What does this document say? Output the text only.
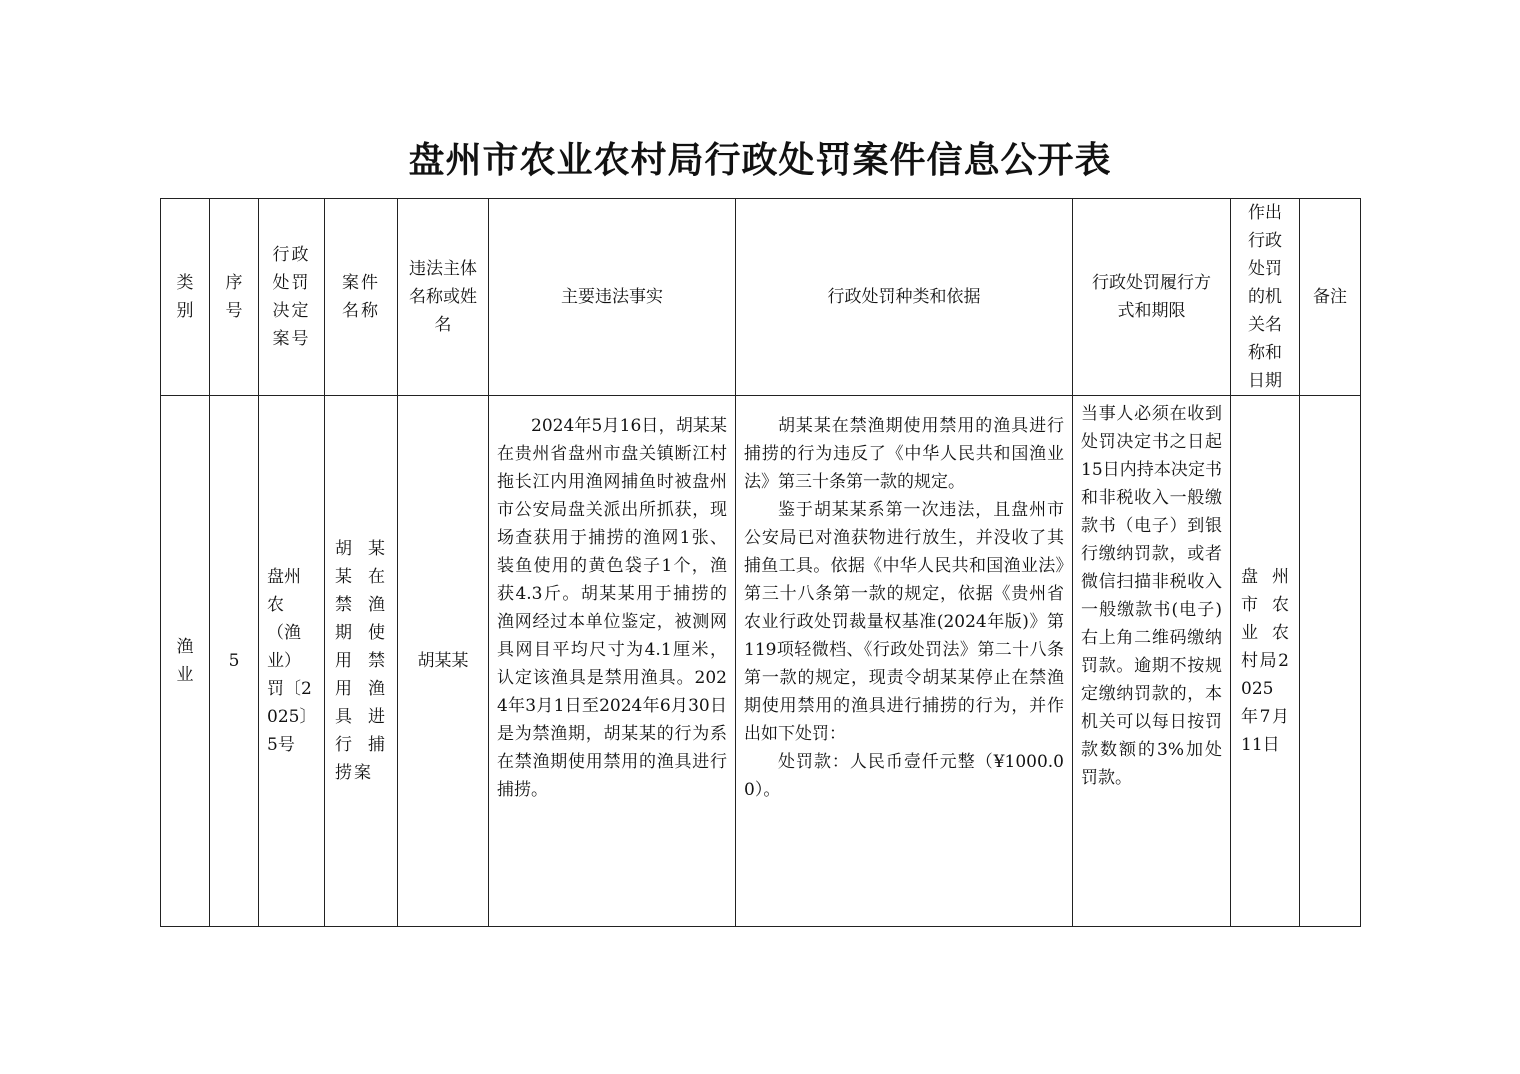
盘州市农业农村局行政处罚案件信息公开表
类别	序号	行政处罚决定案号	案件名称	违法主体名称或姓名	主要违法事实	行政处罚种类和依据	行政处罚履行方式和期限	作出行政处罚的机关名称和日期	备注
渔业	5	盘州农（渔业）罚〔2025〕5号	胡某某在禁渔期使用禁用渔具进行捕捞案	胡某某	2024年5月16日，胡某某在贵州省盘州市盘关镇断江村拖长江内用渔网捕鱼时被盘州市公安局盘关派出所抓获，现场查获用于捕捞的渔网1张、装鱼使用的黄色袋子1个，渔获4.3斤。胡某某用于捕捞的渔网经过本单位鉴定，被测网具网目平均尺寸为4.1厘米，认定该渔具是禁用渔具。2024年3月1日至2024年6月30日是为禁渔期，胡某某的行为系在禁渔期使用禁用的渔具进行捕捞。	胡某某在禁渔期使用禁用的渔具进行捕捞的行为违反了《中华人民共和国渔业法》第三十条第一款的规定。

鉴于胡某某系第一次违法，且盘州市公安局已对渔获物进行放生，并没收了其捕鱼工具。依据《中华人民共和国渔业法》第三十八条第一款的规定，依据《贵州省农业行政处罚裁量权基准(2024年版)》第119项轻微档、《行政处罚法》第二十八条第一款的规定，现责令胡某某停止在禁渔期使用禁用的渔具进行捕捞的行为，并作出如下处罚：

处罚款：人民币壹仟元整（¥1000.00）。	当事人必须在收到处罚决定书之日起15日内持本决定书和非税收入一般缴款书（电子）到银行缴纳罚款，或者微信扫描非税收入一般缴款书(电子)右上角二维码缴纳罚款。逾期不按规定缴纳罚款的，本机关可以每日按罚款数额的3%加处罚款。	盘州市农业农村局2025年7月11日	
